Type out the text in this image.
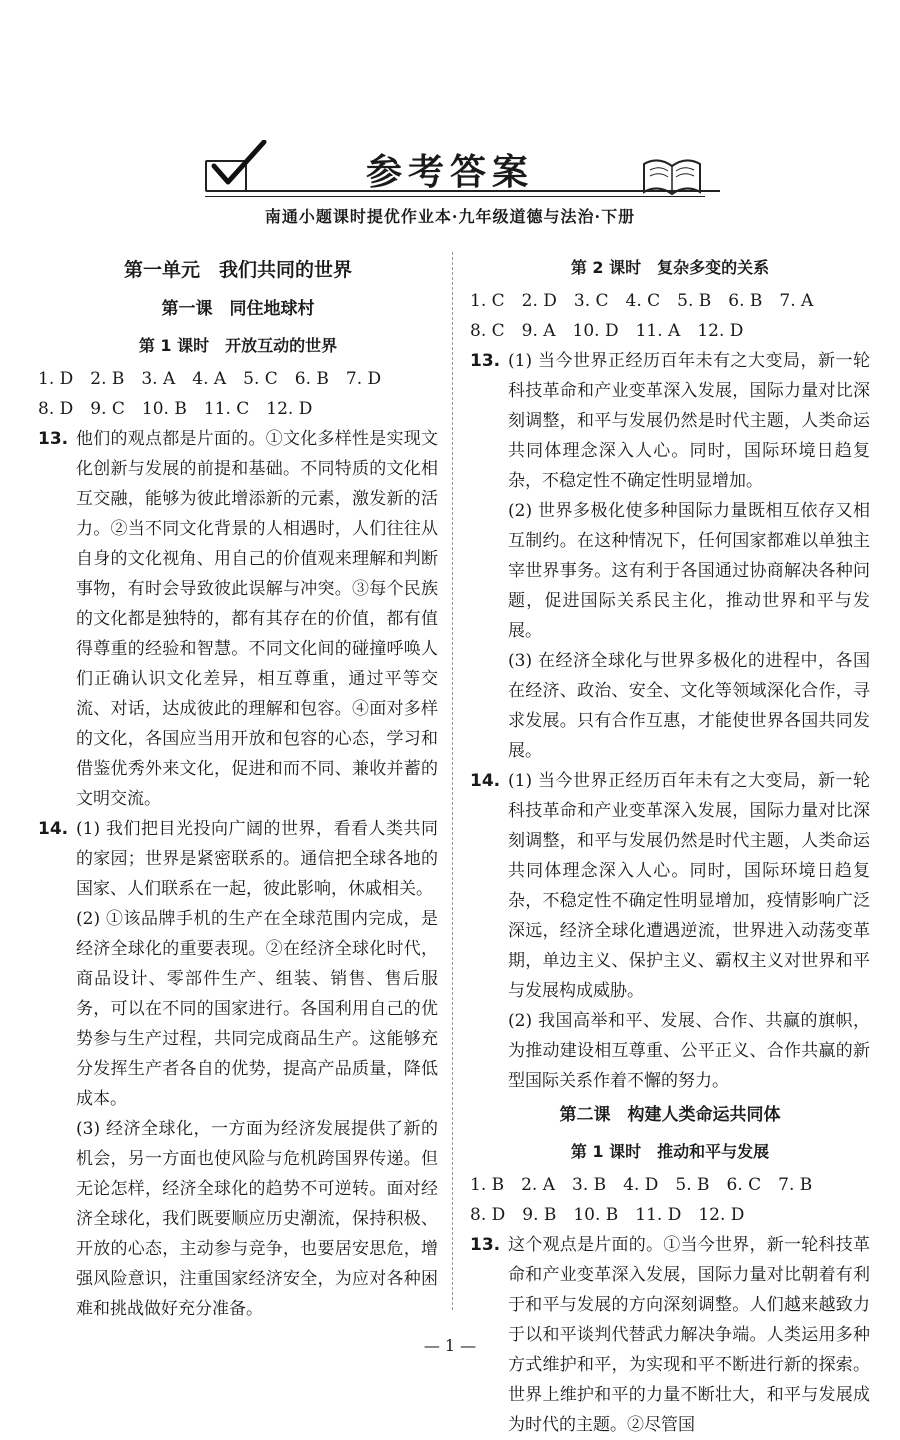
参考答案
南通小题课时提优作业本·九年级道德与法治·下册
第一单元　我们共同的世界
第一课　同住地球村
第 1 课时　开放互动的世界
1. D　2. B　3. A　4. A　5. C　6. B　7. D
8. D　9. C　10. B　11. C　12. D
13. 他们的观点都是片面的。①文化多样性是实现文化创新与发展的前提和基础。不同特质的文化相互交融，能够为彼此增添新的元素，激发新的活力。②当不同文化背景的人相遇时，人们往往从自身的文化视角、用自己的价值观来理解和判断事物，有时会导致彼此误解与冲突。③每个民族的文化都是独特的，都有其存在的价值，都有值得尊重的经验和智慧。不同文化间的碰撞呼唤人们正确认识文化差异，相互尊重，通过平等交流、对话，达成彼此的理解和包容。④面对多样的文化，各国应当用开放和包容的心态，学习和借鉴优秀外来文化，促进和而不同、兼收并蓄的文明交流。

14. (1) 我们把目光投向广阔的世界，看看人类共同的家园；世界是紧密联系的。通信把全球各地的国家、人们联系在一起，彼此影响，休戚相关。

(2) ①该品牌手机的生产在全球范围内完成，是经济全球化的重要表现。②在经济全球化时代，商品设计、零部件生产、组装、销售、售后服务，可以在不同的国家进行。各国利用自己的优势参与生产过程，共同完成商品生产。这能够充分发挥生产者各自的优势，提高产品质量，降低成本。

(3) 经济全球化，一方面为经济发展提供了新的机会，另一方面也使风险与危机跨国界传递。但无论怎样，经济全球化的趋势不可逆转。面对经济全球化，我们既要顺应历史潮流，保持积极、开放的心态，主动参与竞争，也要居安思危，增强风险意识，注重国家经济安全，为应对各种困难和挑战做好充分准备。

第 2 课时　复杂多变的关系
1. C　2. D　3. C　4. C　5. B　6. B　7. A
8. C　9. A　10. D　11. A　12. D
13. (1) 当今世界正经历百年未有之大变局，新一轮科技革命和产业变革深入发展，国际力量对比深刻调整，和平与发展仍然是时代主题，人类命运共同体理念深入人心。同时，国际环境日趋复杂，不稳定性不确定性明显增加。

(2) 世界多极化使多种国际力量既相互依存又相互制约。在这种情况下，任何国家都难以单独主宰世界事务。这有利于各国通过协商解决各种问题，促进国际关系民主化，推动世界和平与发展。

(3) 在经济全球化与世界多极化的进程中，各国在经济、政治、安全、文化等领域深化合作，寻求发展。只有合作互惠，才能使世界各国共同发展。

14. (1) 当今世界正经历百年未有之大变局，新一轮科技革命和产业变革深入发展，国际力量对比深刻调整，和平与发展仍然是时代主题，人类命运共同体理念深入人心。同时，国际环境日趋复杂，不稳定性不确定性明显增加，疫情影响广泛深远，经济全球化遭遇逆流，世界进入动荡变革期，单边主义、保护主义、霸权主义对世界和平与发展构成威胁。

(2) 我国高举和平、发展、合作、共赢的旗帜，为推动建设相互尊重、公平正义、合作共赢的新型国际关系作着不懈的努力。

第二课　构建人类命运共同体
第 1 课时　推动和平与发展
1. B　2. A　3. B　4. D　5. B　6. C　7. B
8. D　9. B　10. B　11. D　12. D
13. 这个观点是片面的。①当今世界，新一轮科技革命和产业变革深入发展，国际力量对比朝着有利于和平与发展的方向深刻调整。人们越来越致力于以和平谈判代替武力解决争端。人类运用多种方式维护和平，为实现和平不断进行新的探索。世界上维护和平的力量不断壮大，和平与发展成为时代的主题。②尽管国

— 1 —
